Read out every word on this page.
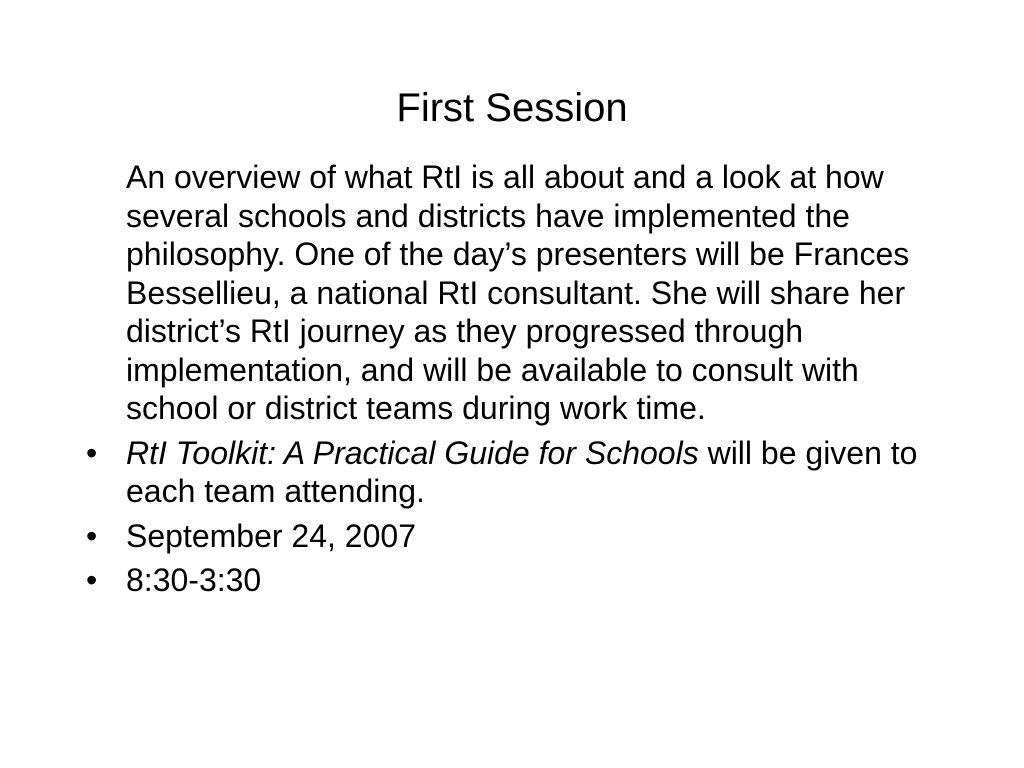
First Session

An overview of what RtI is all about and a look at how several schools and districts have implemented the philosophy. One of the day’s presenters will be Frances Bessellieu, a national RtI consultant. She will share her district’s RtI journey as they progressed through implementation, and will be available to consult with school or district teams during work time.

• RtI Toolkit: A Practical Guide for Schools will be given to each team attending.
• September 24, 2007
• 8:30-3:30
